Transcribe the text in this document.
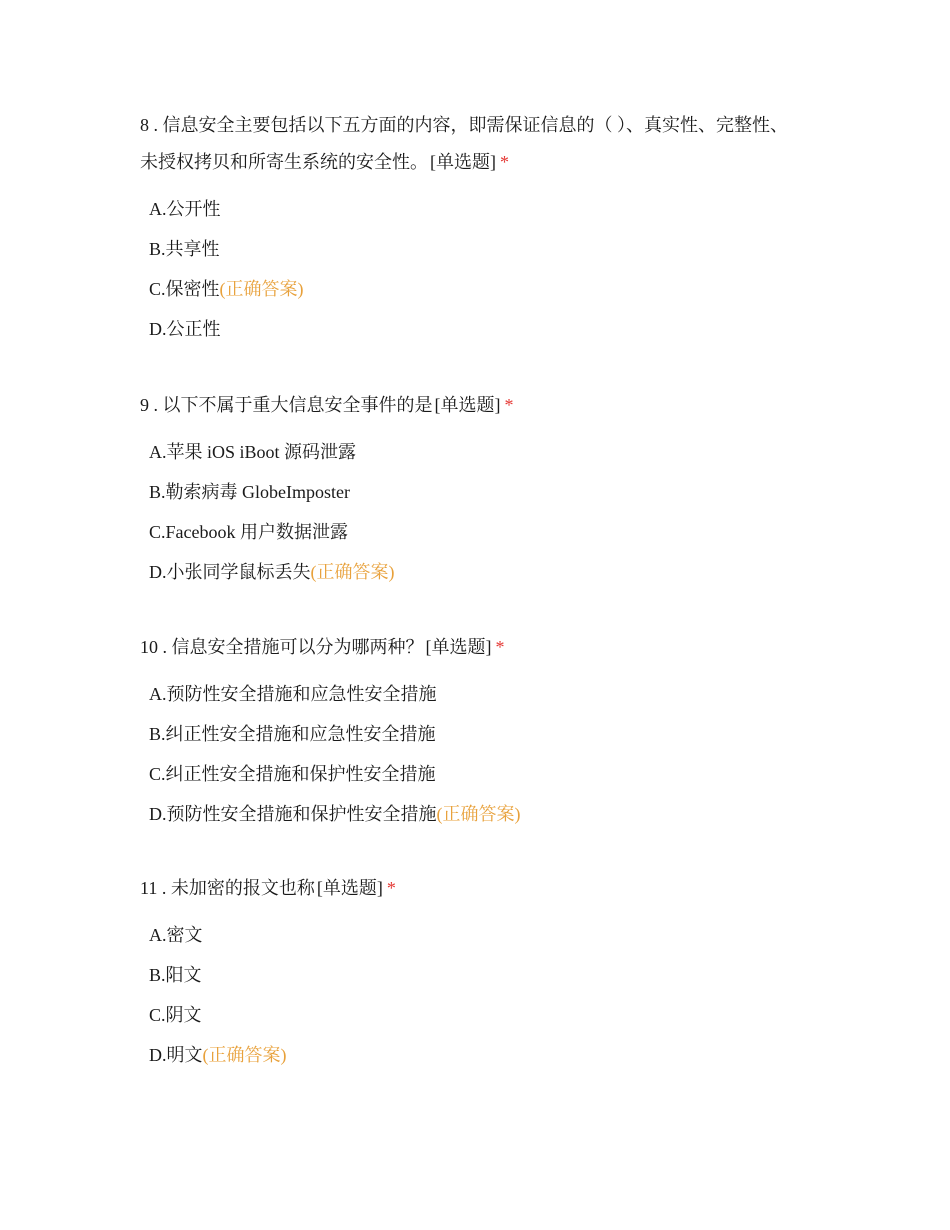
8 . 信息安全主要包括以下五方面的内容，即需保证信息的（ ）、真实性、完整性、未授权拷贝和所寄生系统的安全性。 [单选题] *

A.公开性
B.共享性
C.保密性(正确答案)
D.公正性

9 . 以下不属于重大信息安全事件的是 [单选题] *

A.苹果 iOS iBoot 源码泄露
B.勒索病毒 GlobeImposter
C.Facebook 用户数据泄露
D.小张同学鼠标丢失(正确答案)

10 . 信息安全措施可以分为哪两种？ [单选题] *

A.预防性安全措施和应急性安全措施
B.纠正性安全措施和应急性安全措施
C.纠正性安全措施和保护性安全措施
D.预防性安全措施和保护性安全措施(正确答案)

11 . 未加密的报文也称 [单选题] *

A.密文
B.阳文
C.阴文
D.明文(正确答案)
